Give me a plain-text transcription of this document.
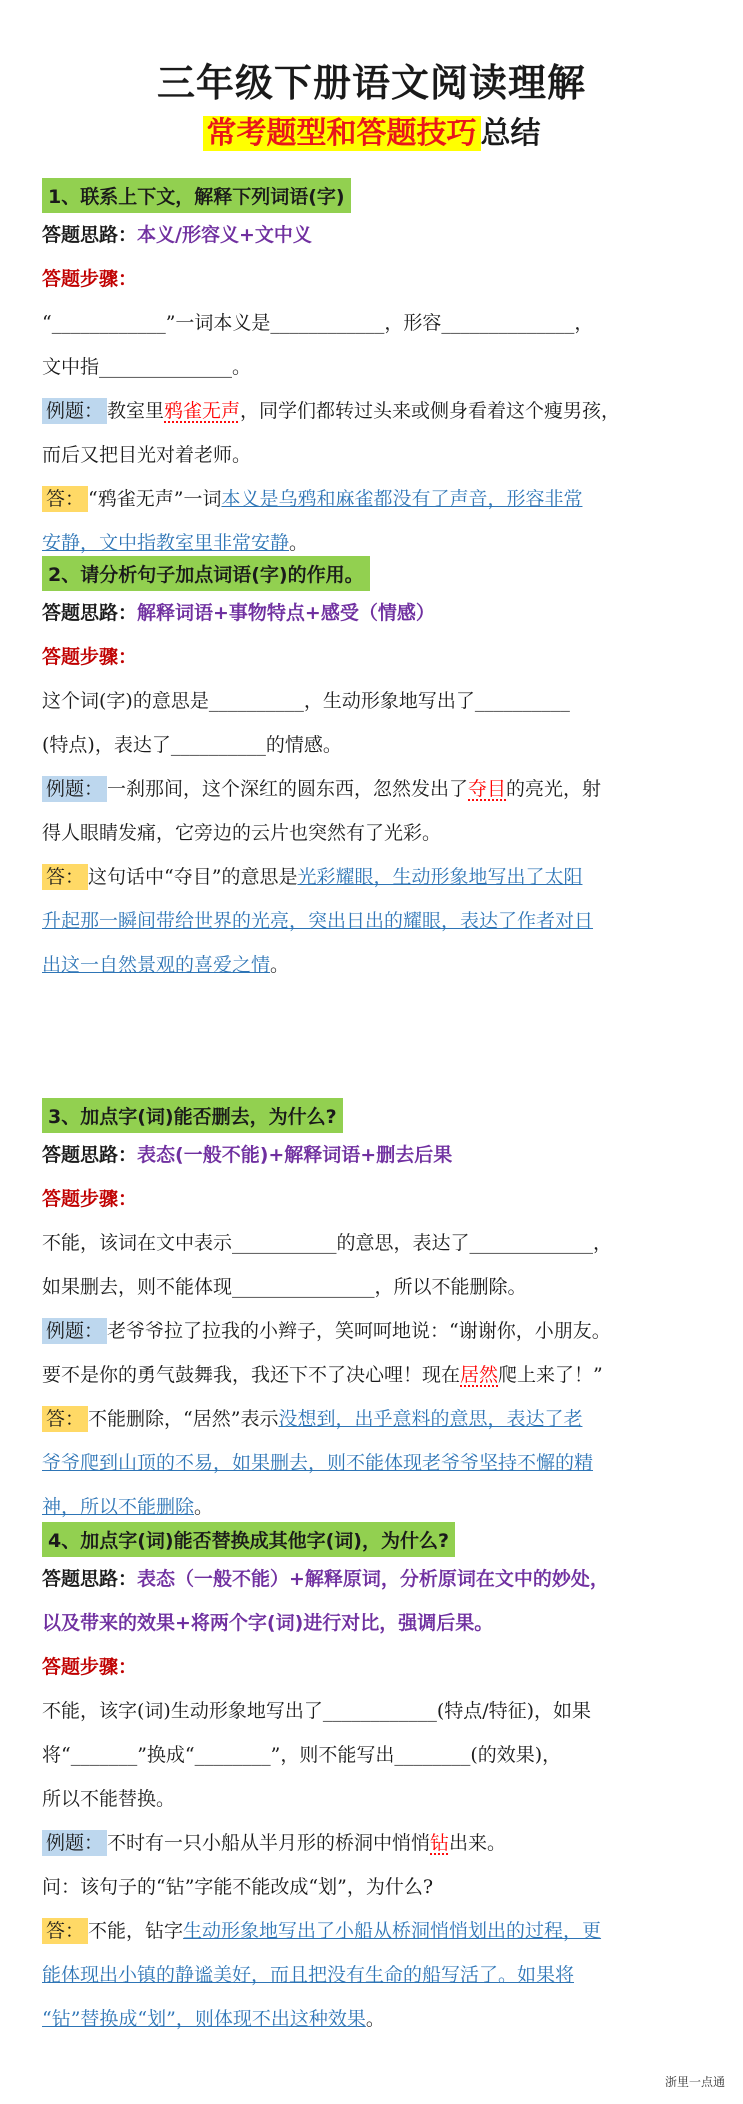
三年级下册语文阅读理解
常考题型和答题技巧 总结
1、联系上下文，解释下列词语(字)
答题思路：本义/形容义+文中义
答题步骤：
“____________”一词本义是____________，形容______________，
文中指______________。
例题： 教室里鸦雀无声，同学们都转过头来或侧身看着这个瘦男孩，
而后又把目光对着老师。
答： “鸦雀无声”一词本义是乌鸦和麻雀都没有了声音，形容非常
安静，文中指教室里非常安静。
2、请分析句子加点词语(字)的作用。
答题思路：解释词语+事物特点+感受（情感）
答题步骤：
这个词(字)的意思是__________，生动形象地写出了__________
(特点)，表达了__________的情感。
例题： 一刹那间，这个深红的圆东西，忽然发出了夺目的亮光，射
得人眼睛发痛，它旁边的云片也突然有了光彩。
答： 这句话中“夺目”的意思是光彩耀眼，生动形象地写出了太阳
升起那一瞬间带给世界的光亮，突出日出的耀眼，表达了作者对日
出这一自然景观的喜爱之情。
3、加点字(词)能否删去，为什么?
答题思路：表态(一般不能)+解释词语+删去后果
答题步骤：
不能，该词在文中表示___________的意思，表达了_____________，
如果删去，则不能体现_______________，所以不能删除。
例题： 老爷爷拉了拉我的小辫子，笑呵呵地说：“谢谢你，小朋友。
要不是你的勇气鼓舞我，我还下不了决心哩！现在居然爬上来了！”
答： 不能删除，“居然”表示没想到，出乎意料的意思，表达了老
爷爷爬到山顶的不易，如果删去，则不能体现老爷爷坚持不懈的精
神，所以不能删除。
4、加点字(词)能否替换成其他字(词)，为什么?
答题思路：表态（一般不能）+解释原词，分析原词在文中的妙处，
以及带来的效果+将两个字(词)进行对比，强调后果。
答题步骤：
不能，该字(词)生动形象地写出了____________(特点/特征)，如果
将“_______”换成“________”，则不能写出________(的效果)，
所以不能替换。
例题： 不时有一只小船从半月形的桥洞中悄悄钻出来。
问：该句子的“钻”字能不能改成“划”，为什么?
答： 不能，钻字生动形象地写出了小船从桥洞悄悄划出的过程，更
能体现出小镇的静谧美好，而且把没有生命的船写活了。如果将
“钻”替换成“划”，则体现不出这种效果。
浙里一点通
